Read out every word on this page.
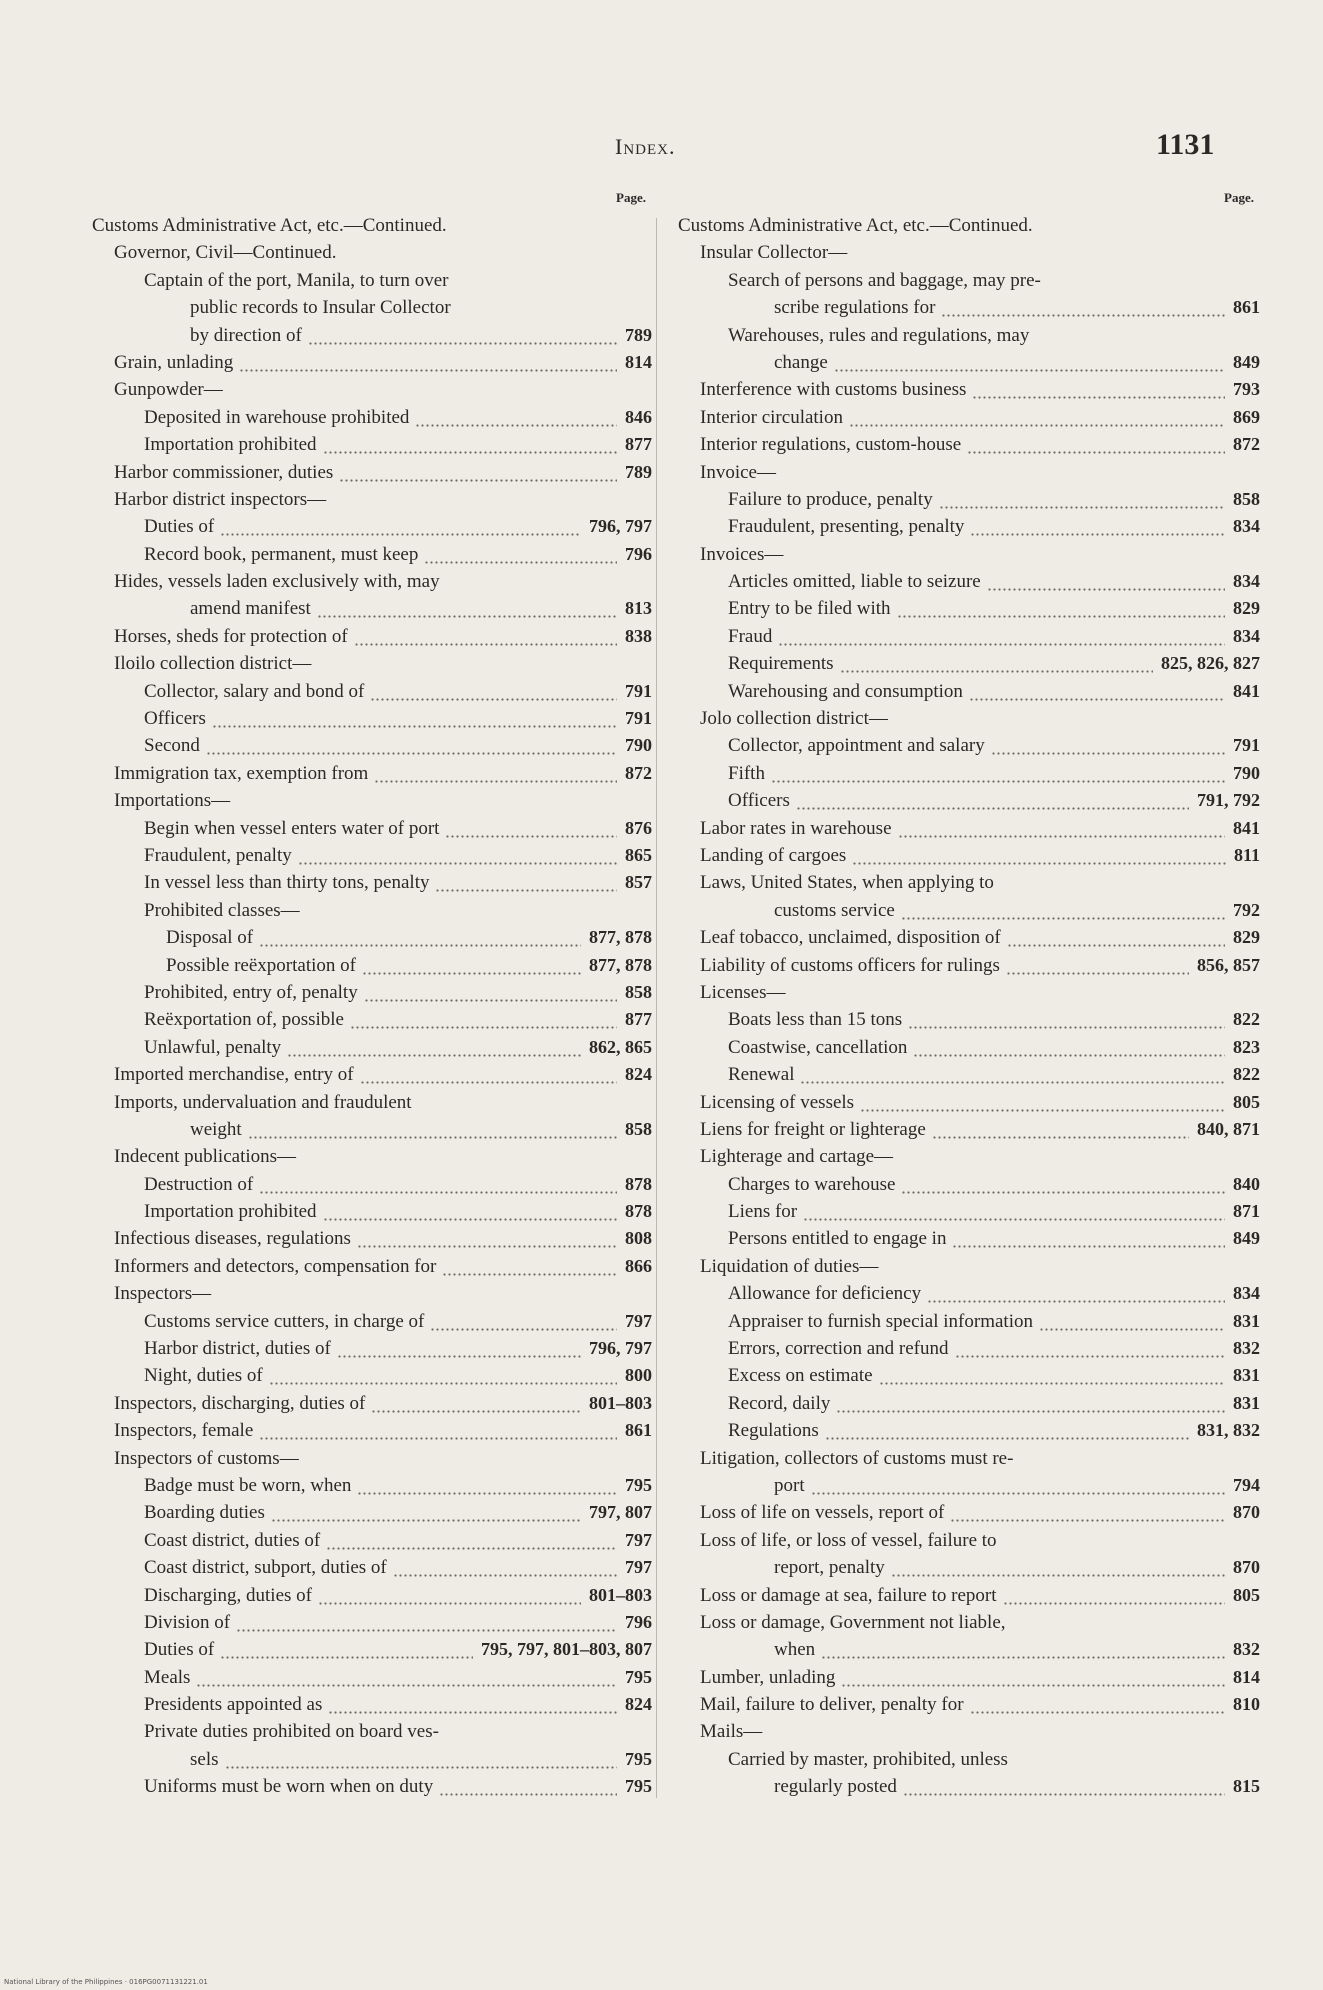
Index.	1131
Page.
Customs Administrative Act, etc.—Continued.
Governor, Civil—Continued.
Captain of the port, Manila, to turn over
public records to Insular Collector
by direction of	789
Grain, unlading	814
Gunpowder—
Deposited in warehouse prohibited	846
Importation prohibited	877
Harbor commissioner, duties	789
Harbor district inspectors—
Duties of	796, 797
Record book, permanent, must keep	796
Hides, vessels laden exclusively with, may
amend manifest	813
Horses, sheds for protection of	838
Iloilo collection district—
Collector, salary and bond of	791
Officers	791
Second	790
Immigration tax, exemption from	872
Importations—
Begin when vessel enters water of port	876
Fraudulent, penalty	865
In vessel less than thirty tons, penalty	857
Prohibited classes—
Disposal of	877, 878
Possible reëxportation of	877, 878
Prohibited, entry of, penalty	858
Reëxportation of, possible	877
Unlawful, penalty	862, 865
Imported merchandise, entry of	824
Imports, undervaluation and fraudulent
weight	858
Indecent publications—
Destruction of	878
Importation prohibited	878
Infectious diseases, regulations	808
Informers and detectors, compensation for	866
Inspectors—
Customs service cutters, in charge of	797
Harbor district, duties of	796, 797
Night, duties of	800
Inspectors, discharging, duties of	801–803
Inspectors, female	861
Inspectors of customs—
Badge must be worn, when	795
Boarding duties	797, 807
Coast district, duties of	797
Coast district, subport, duties of	797
Discharging, duties of	801–803
Division of	796
Duties of	795, 797, 801–803, 807
Meals	795
Presidents appointed as	824
Private duties prohibited on board ves-
sels	795
Uniforms must be worn when on duty	795
Page.
Customs Administrative Act, etc.—Continued.
Insular Collector—
Search of persons and baggage, may pre-
scribe regulations for	861
Warehouses, rules and regulations, may
change	849
Interference with customs business	793
Interior circulation	869
Interior regulations, custom-house	872
Invoice—
Failure to produce, penalty	858
Fraudulent, presenting, penalty	834
Invoices—
Articles omitted, liable to seizure	834
Entry to be filed with	829
Fraud	834
Requirements	825, 826, 827
Warehousing and consumption	841
Jolo collection district—
Collector, appointment and salary	791
Fifth	790
Officers	791, 792
Labor rates in warehouse	841
Landing of cargoes	811
Laws, United States, when applying to
customs service	792
Leaf tobacco, unclaimed, disposition of	829
Liability of customs officers for rulings	856, 857
Licenses—
Boats less than 15 tons	822
Coastwise, cancellation	823
Renewal	822
Licensing of vessels	805
Liens for freight or lighterage	840, 871
Lighterage and cartage—
Charges to warehouse	840
Liens for	871
Persons entitled to engage in	849
Liquidation of duties—
Allowance for deficiency	834
Appraiser to furnish special information	831
Errors, correction and refund	832
Excess on estimate	831
Record, daily	831
Regulations	831, 832
Litigation, collectors of customs must re-
port	794
Loss of life on vessels, report of	870
Loss of life, or loss of vessel, failure to
report, penalty	870
Loss or damage at sea, failure to report	805
Loss or damage, Government not liable,
when	832
Lumber, unlading	814
Mail, failure to deliver, penalty for	810
Mails—
Carried by master, prohibited, unless
regularly posted	815
National Library of the Philippines · 016PG0071131221.01
